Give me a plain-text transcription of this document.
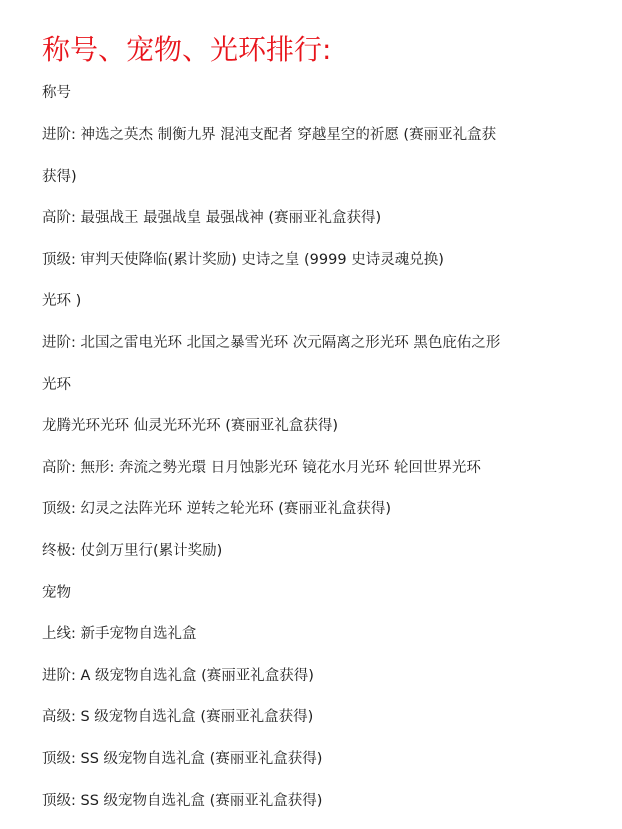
称号、宠物、光环排行:
称号
进阶: 神选之英杰 制衡九界 混沌支配者 穿越星空的祈愿 (赛丽亚礼盒获
获得)
高阶: 最强战王 最强战皇 最强战神 (赛丽亚礼盒获得)
顶级: 审判天使降临(累计奖励) 史诗之皇 (9999 史诗灵魂兑换)
光环 )
进阶: 北国之雷电光环 北国之暴雪光环 次元隔离之形光环 黑色庇佑之形
光环
龙腾光环光环 仙灵光环光环 (赛丽亚礼盒获得)
高阶: 無形: 奔流之勢光環 日月蚀影光环 镜花水月光环 轮回世界光环
顶级: 幻灵之法阵光环 逆转之轮光环 (赛丽亚礼盒获得)
终极: 仗剑万里行(累计奖励)
宠物
上线: 新手宠物自选礼盒
进阶: A 级宠物自选礼盒 (赛丽亚礼盒获得)
高级: S 级宠物自选礼盒 (赛丽亚礼盒获得)
顶级: SS 级宠物自选礼盒 (赛丽亚礼盒获得)
顶级: SS 级宠物自选礼盒 (赛丽亚礼盒获得)
